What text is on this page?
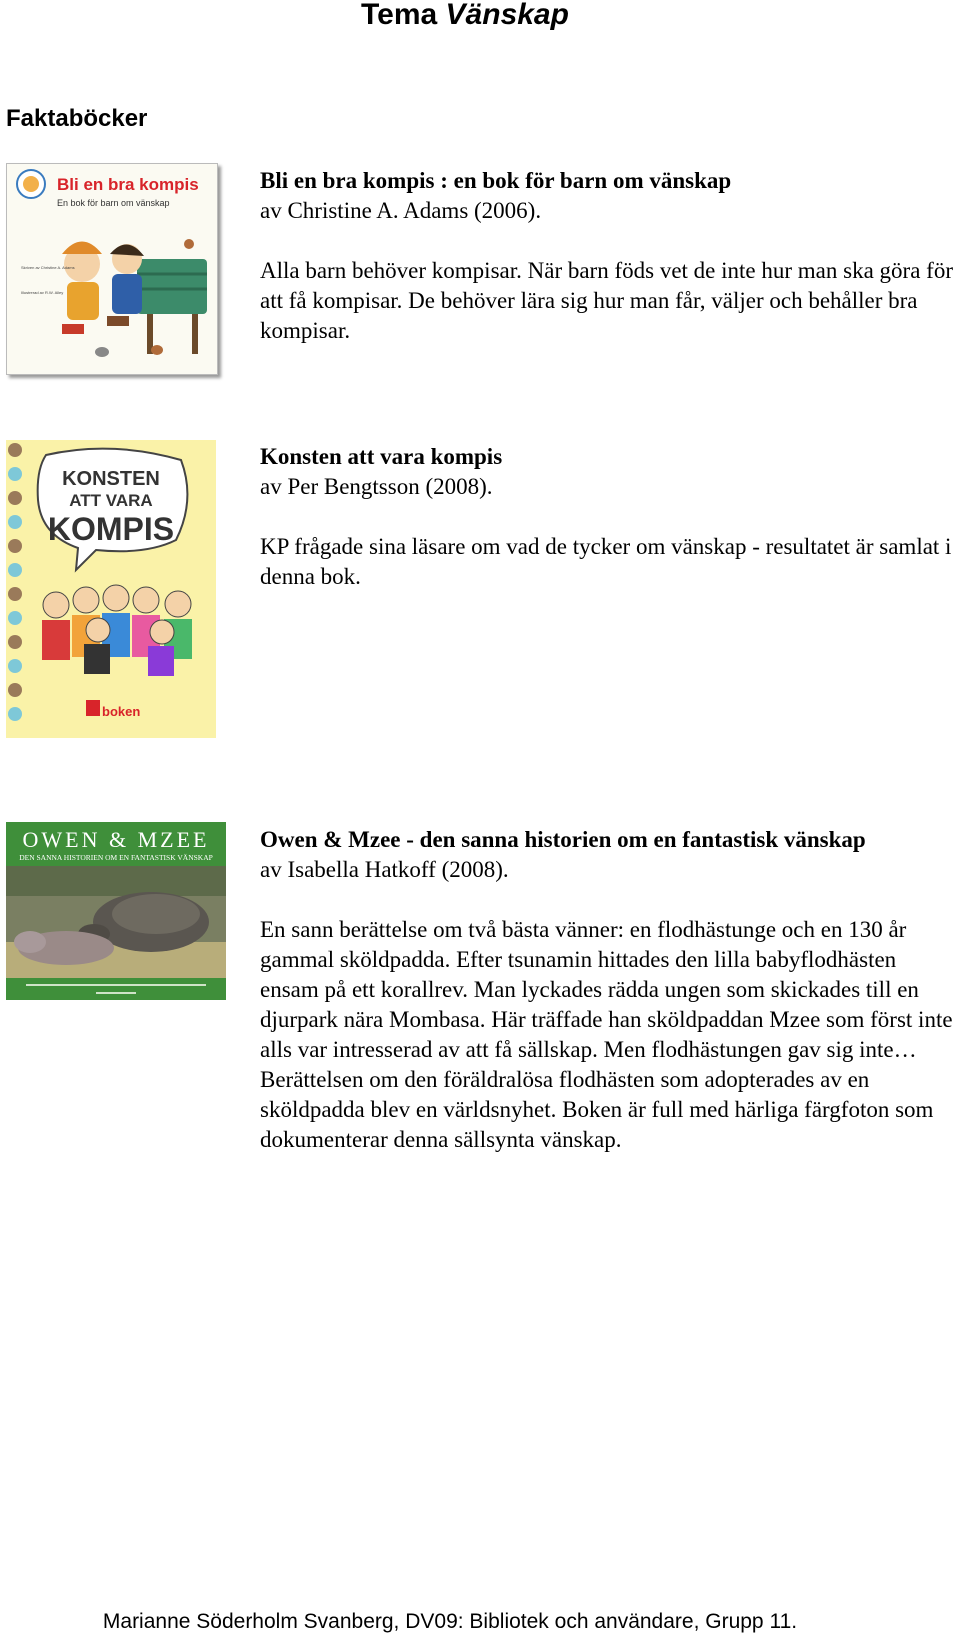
Tema Vänskap
Faktaböcker
Bli en bra kompis
En bok för barn om vänskap
Skriven av Christine A. Adams
Illustrerad av R.W. Alley

Bli en bra kompis : en bok för barn om vänskap

av Christine A. Adams (2006).

Alla barn behöver kompisar. När barn föds vet de inte hur man ska göra för att få kompisar. De behöver lära sig hur man får, väljer och behåller bra kompisar.

KONSTEN
ATT VARA
KOMPIS
boken

Konsten att vara kompis

av Per Bengtsson (2008).

KP frågade sina läsare om vad de tycker om vänskap - resultatet är samlat i denna bok.

OWEN & MZEE
DEN SANNA HISTORIEN OM EN FANTASTISK VÄNSKAP

Owen & Mzee - den sanna historien om en fantastisk vänskap

av Isabella Hatkoff (2008).

En sann berättelse om två bästa vänner: en flodhästunge och en 130 år gammal sköldpadda. Efter tsunamin hittades den lilla babyflodhästen ensam på ett korallrev. Man lyckades rädda ungen som skickades till en djurpark nära Mombasa. Här träffade han sköldpaddan Mzee som först inte alls var intresserad av att få sällskap. Men flodhästungen gav sig inte… Berättelsen om den föräldralösa flodhästen som adopterades av en sköldpadda blev en världsnyhet. Boken är full med härliga färgfoton som dokumenterar denna sällsynta vänskap.

Marianne Söderholm Svanberg, DV09: Bibliotek och användare, Grupp 11.
